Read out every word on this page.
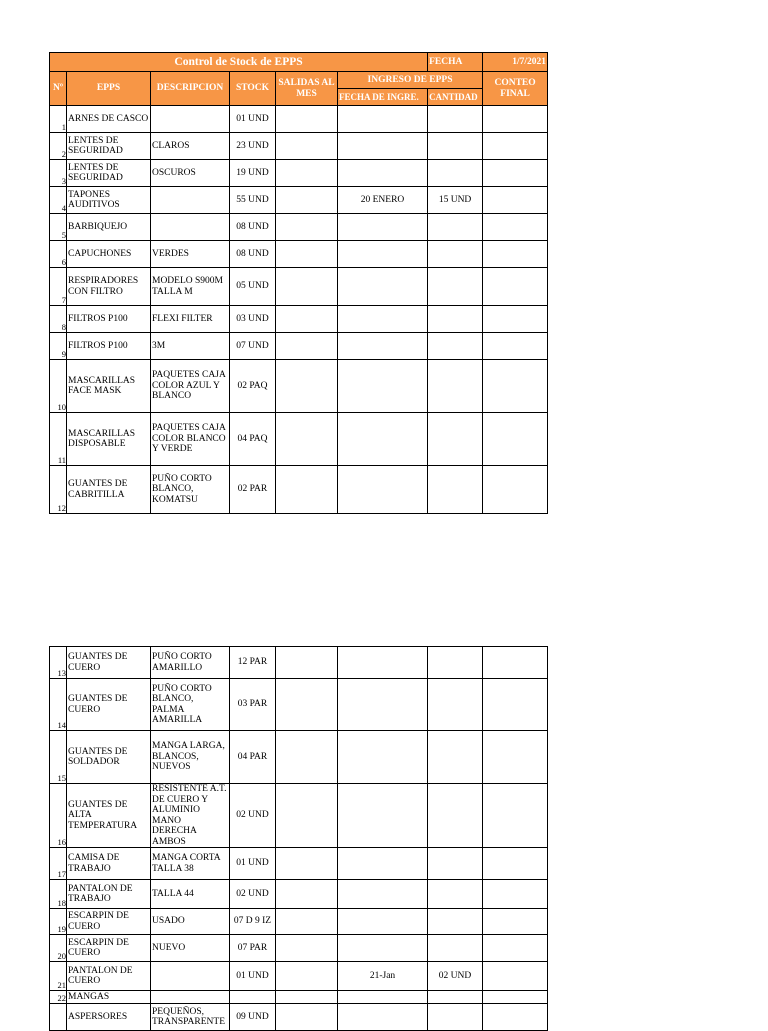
Control de Stock de EPPS						FECHA	1/7/2021
Nº	EPPS	DESCRIPCION	STOCK	SALIDAS AL MES	INGRESO DE EPPS		CONTEO FINAL
					FECHA DE INGRE.	CANTIDAD	
1	ARNES DE CASCO		01 UND				
2	LENTES DE SEGURIDAD	CLAROS	23 UND				
3	LENTES DE SEGURIDAD	OSCUROS	19 UND				
4	TAPONES AUDITIVOS		55 UND		20 ENERO	15 UND	
5	BARBIQUEJO		08 UND				
6	CAPUCHONES	VERDES	08 UND				
7	RESPIRADORES CON FILTRO	MODELO S900M TALLA M	05 UND				
8	FILTROS P100	FLEXI FILTER	03 UND				
9	FILTROS P100	3M	07 UND				
10	MASCARILLAS FACE MASK	PAQUETES CAJA COLOR AZUL Y BLANCO	02 PAQ				
11	MASCARILLAS DISPOSABLE	PAQUETES CAJA COLOR BLANCO Y VERDE	04 PAQ				
12	GUANTES DE CABRITILLA	PUÑO CORTO BLANCO, KOMATSU	02 PAR				
13	GUANTES DE CUERO	PUÑO CORTO AMARILLO	12 PAR				
14	GUANTES DE CUERO	PUÑO CORTO BLANCO, PALMA AMARILLA	03 PAR				
15	GUANTES DE SOLDADOR	MANGA LARGA, BLANCOS, NUEVOS	04 PAR				
16	GUANTES DE ALTA TEMPERATURA	RESISTENTE A.T. DE CUERO Y ALUMINIO MANO DERECHA AMBOS	02 UND				
17	CAMISA DE TRABAJO	MANGA CORTA TALLA 38	01 UND				
18	PANTALON DE TRABAJO	TALLA 44	02 UND				
19	ESCARPIN DE CUERO	USADO	07 D 9 IZ				
20	ESCARPIN DE CUERO	NUEVO	07 PAR				
21	PANTALON DE CUERO		01 UND		21-Jan	02 UND	
22	MANGAS						
	ASPERSORES	PEQUEÑOS, TRANSPARENTE	09 UND				
